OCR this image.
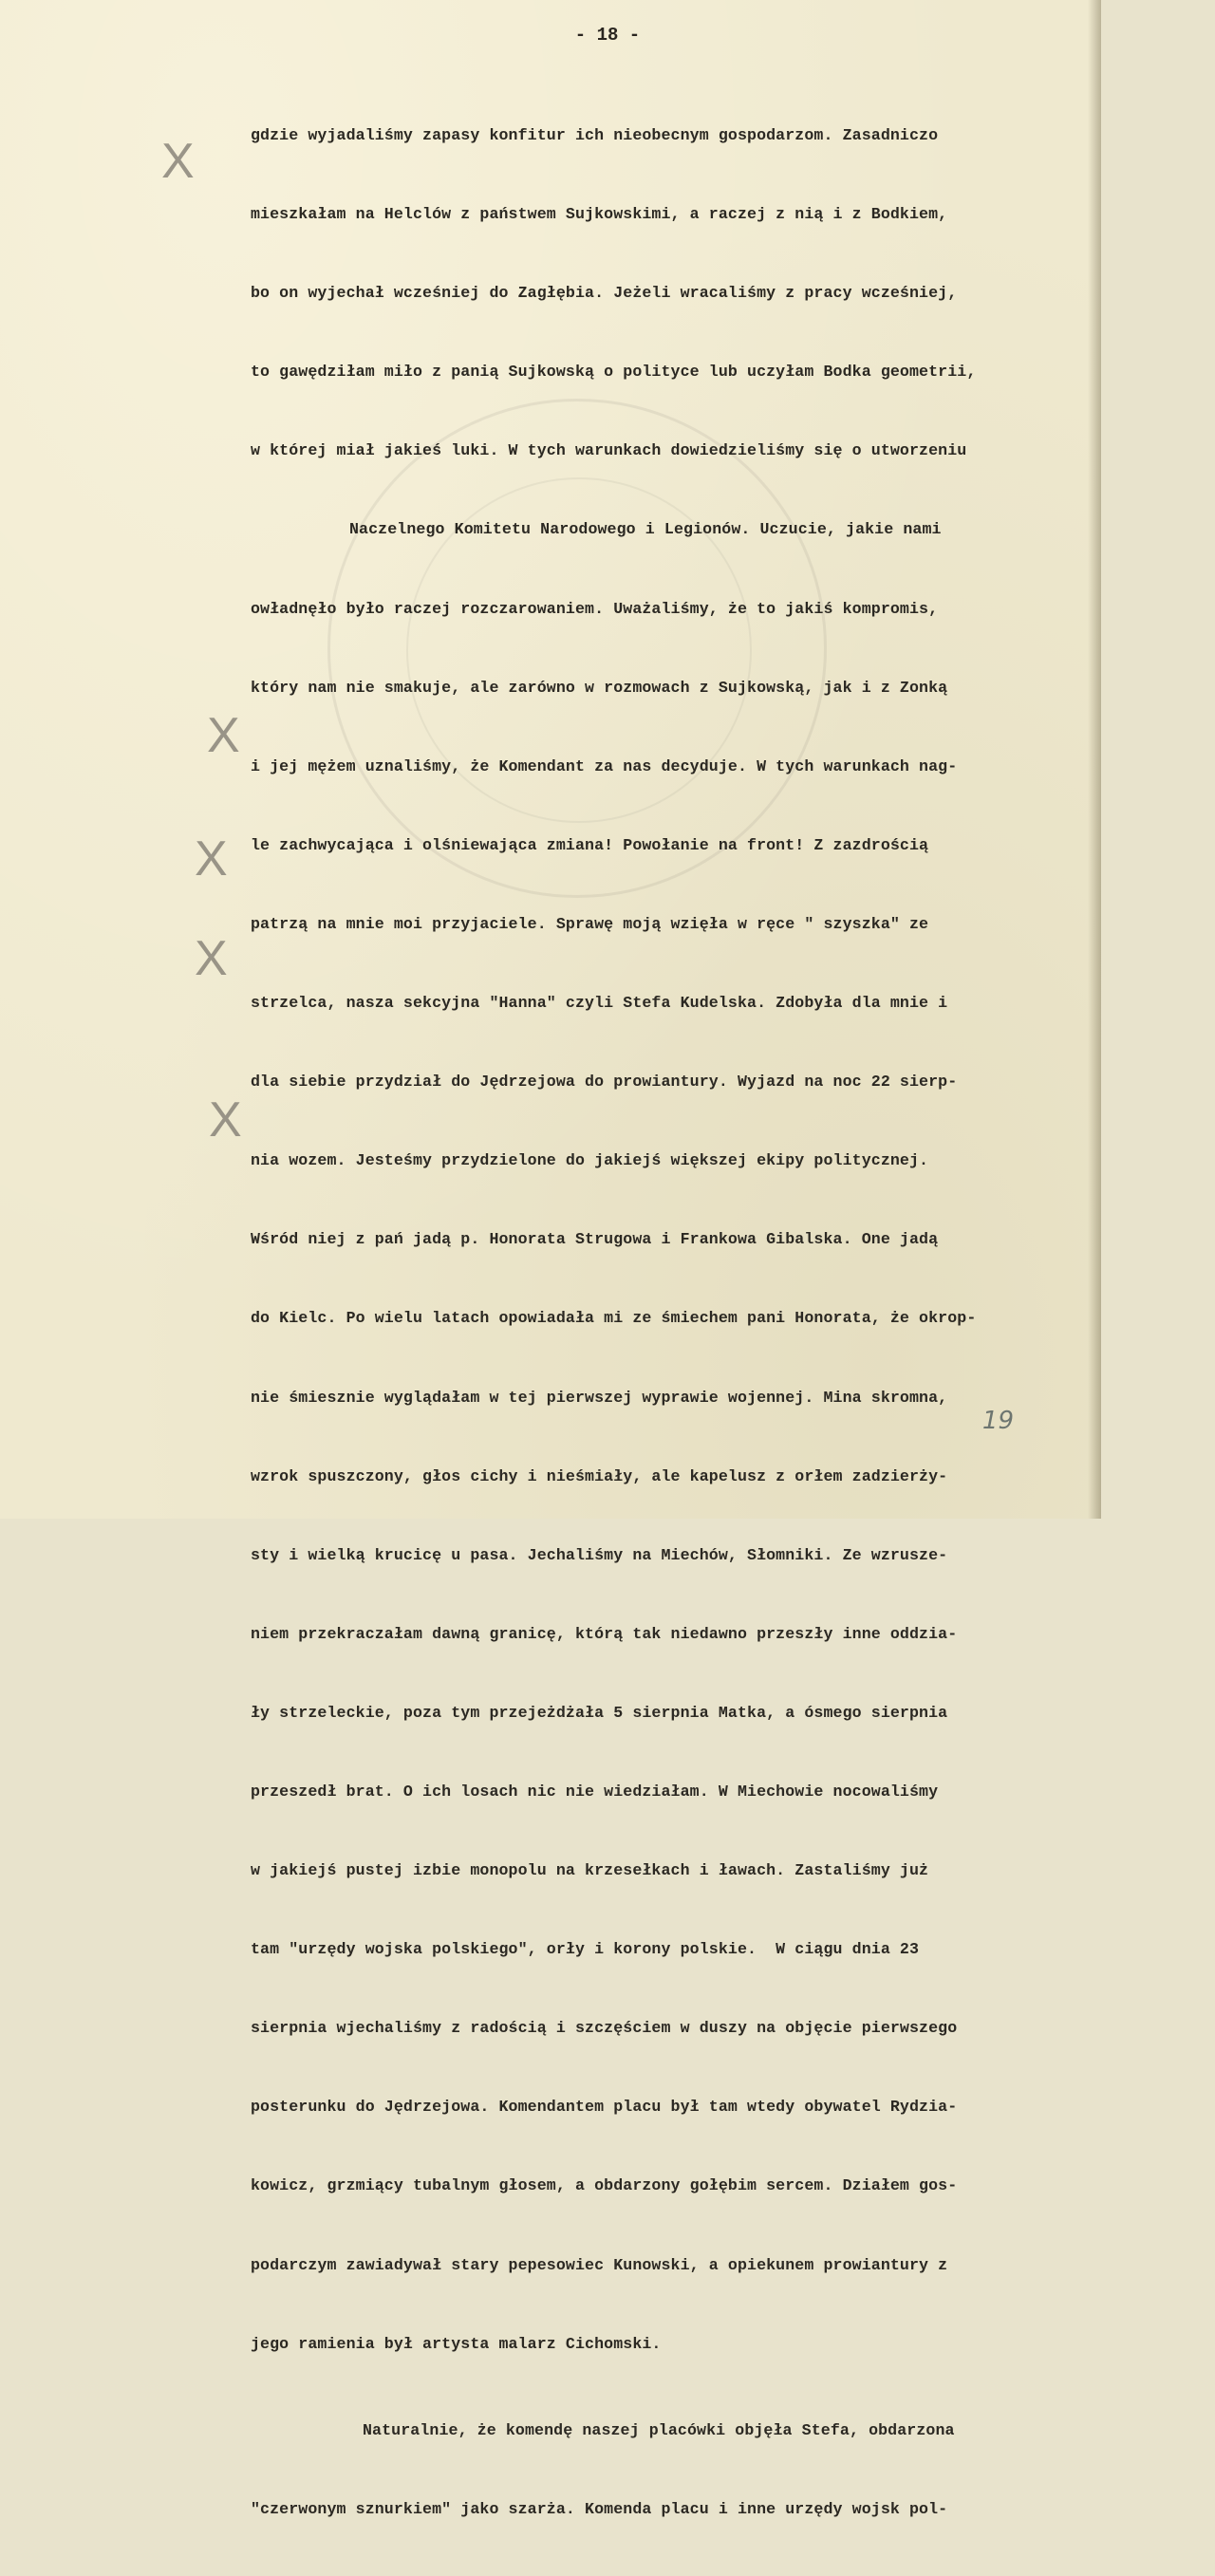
- 18 -
X
X
X
X
X

gdzie wyjadaliśmy zapasy konfitur ich nieobecnym gospodarzom. Zasadniczo

mieszkałam na Helclów z państwem Sujkowskimi, a raczej z nią i z Bodkiem,

bo on wyjechał wcześniej do Zagłębia. Jeżeli wracaliśmy z pracy wcześniej,

to gawędziłam miło z panią Sujkowską o polityce lub uczyłam Bodka geometrii,

w której miał jakieś luki. W tych warunkach dowiedzieliśmy się o utworzeniu

Naczelnego Komitetu Narodowego i Legionów. Uczucie, jakie nami

owładnęło było raczej rozczarowaniem. Uważaliśmy, że to jakiś kompromis,

który nam nie smakuje, ale zarówno w rozmowach z Sujkowską, jak i z Zonką

i jej mężem uznaliśmy, że Komendant za nas decyduje. W tych warunkach nag-

le zachwycająca i olśniewająca zmiana! Powołanie na front! Z zazdrością

patrzą na mnie moi przyjaciele. Sprawę moją wzięła w ręce " szyszka" ze

strzelca, nasza sekcyjna "Hanna" czyli Stefa Kudelska. Zdobyła dla mnie i

dla siebie przydział do Jędrzejowa do prowiantury. Wyjazd na noc 22 sierp-

nia wozem. Jesteśmy przydzielone do jakiejś większej ekipy politycznej.

Wśród niej z pań jadą p. Honorata Strugowa i Frankowa Gibalska. One jadą

do Kielc. Po wielu latach opowiadała mi ze śmiechem pani Honorata, że okrop-

nie śmiesznie wyglądałam w tej pierwszej wyprawie wojennej. Mina skromna,

wzrok spuszczony, głos cichy i nieśmiały, ale kapelusz z orłem zadzierży-

sty i wielką krucicę u pasa. Jechaliśmy na Miechów, Słomniki. Ze wzrusze-

niem przekraczałam dawną granicę, którą tak niedawno przeszły inne oddzia-

ły strzeleckie, poza tym przejeżdżała 5 sierpnia Matka, a ósmego sierpnia

przeszedł brat. O ich losach nic nie wiedziałam. W Miechowie nocowaliśmy

w jakiejś pustej izbie monopolu na krzesełkach i ławach. Zastaliśmy już

tam "urzędy wojska polskiego", orły i korony polskie.  W ciągu dnia 23

sierpnia wjechaliśmy z radością i szczęściem w duszy na objęcie pierwszego

posterunku do Jędrzejowa. Komendantem placu był tam wtedy obywatel Rydzia-

kowicz, grzmiący tubalnym głosem, a obdarzony gołębim sercem. Działem gos-

podarczym zawiadywał stary pepesowiec Kunowski, a opiekunem prowiantury z

jego ramienia był artysta malarz Cichomski.

Naturalnie, że komendę naszej placówki objęła Stefa, obdarzona

"czerwonym sznurkiem" jako szarża. Komenda placu i inne urzędy wojsk pol-

19
